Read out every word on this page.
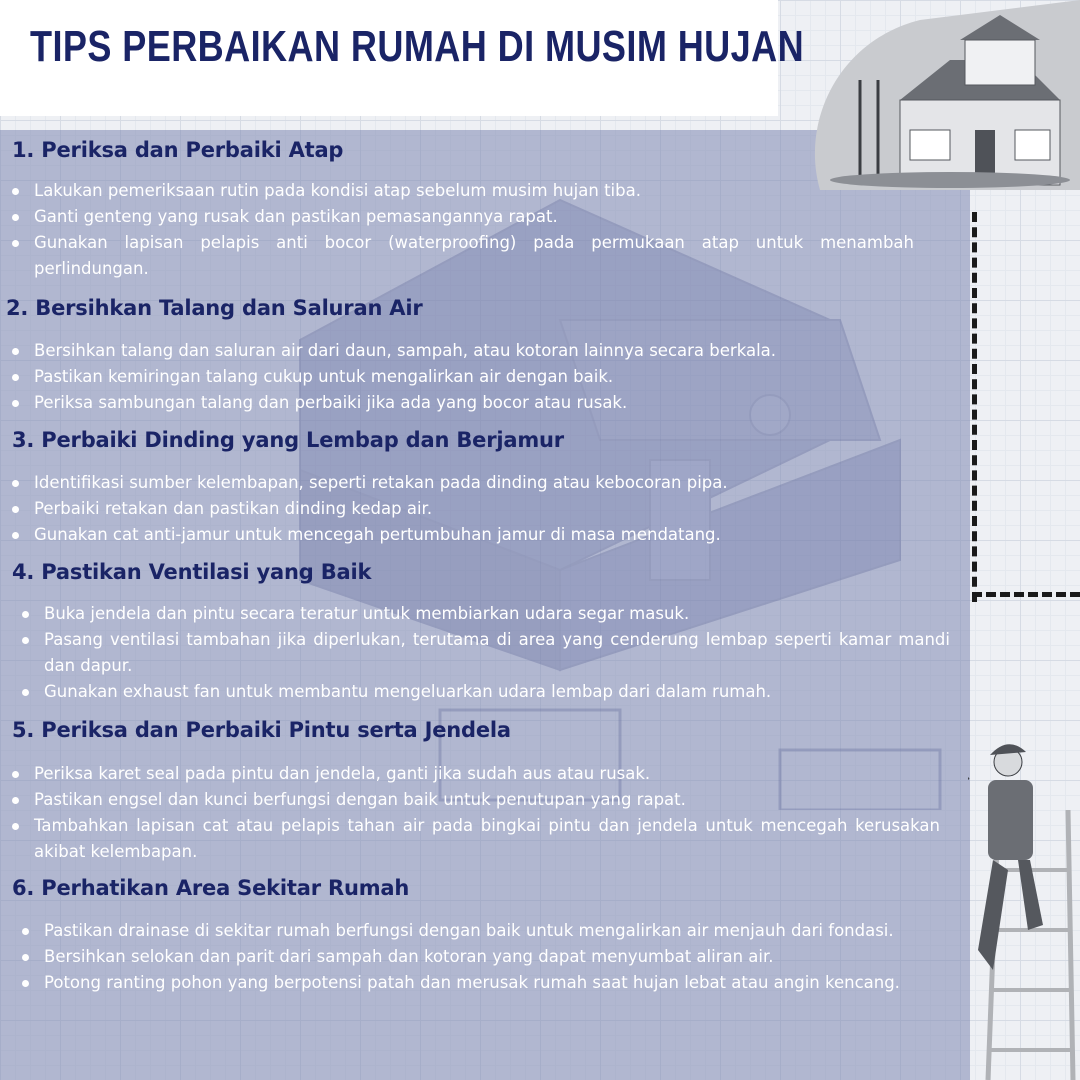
TIPS PERBAIKAN RUMAH DI MUSIM HUJAN
1. Periksa dan Perbaiki Atap
Lakukan pemeriksaan rutin pada kondisi atap sebelum musim hujan tiba.
Ganti genteng yang rusak dan pastikan pemasangannya rapat.
Gunakan lapisan pelapis anti bocor (waterproofing) pada permukaan atap untuk menambah perlindungan.
2. Bersihkan Talang dan Saluran Air
Bersihkan talang dan saluran air dari daun, sampah, atau kotoran lainnya secara berkala.
Pastikan kemiringan talang cukup untuk mengalirkan air dengan baik.
Periksa sambungan talang dan perbaiki jika ada yang bocor atau rusak.
3. Perbaiki Dinding yang Lembap dan Berjamur
Identifikasi sumber kelembapan, seperti retakan pada dinding atau kebocoran pipa.
Perbaiki retakan dan pastikan dinding kedap air.
Gunakan cat anti-jamur untuk mencegah pertumbuhan jamur di masa mendatang.
4. Pastikan Ventilasi yang Baik
Buka jendela dan pintu secara teratur untuk membiarkan udara segar masuk.
Pasang ventilasi tambahan jika diperlukan, terutama di area yang cenderung lembap seperti kamar mandi dan dapur.
Gunakan exhaust fan untuk membantu mengeluarkan udara lembap dari dalam rumah.
5. Periksa dan Perbaiki Pintu serta Jendela
Periksa karet seal pada pintu dan jendela, ganti jika sudah aus atau rusak.
Pastikan engsel dan kunci berfungsi dengan baik untuk penutupan yang rapat.
Tambahkan lapisan cat atau pelapis tahan air pada bingkai pintu dan jendela untuk mencegah kerusakan akibat kelembapan.
6. Perhatikan Area Sekitar Rumah
Pastikan drainase di sekitar rumah berfungsi dengan baik untuk mengalirkan air menjauh dari fondasi.
Bersihkan selokan dan parit dari sampah dan kotoran yang dapat menyumbat aliran air.
Potong ranting pohon yang berpotensi patah dan merusak rumah saat hujan lebat atau angin kencang.
